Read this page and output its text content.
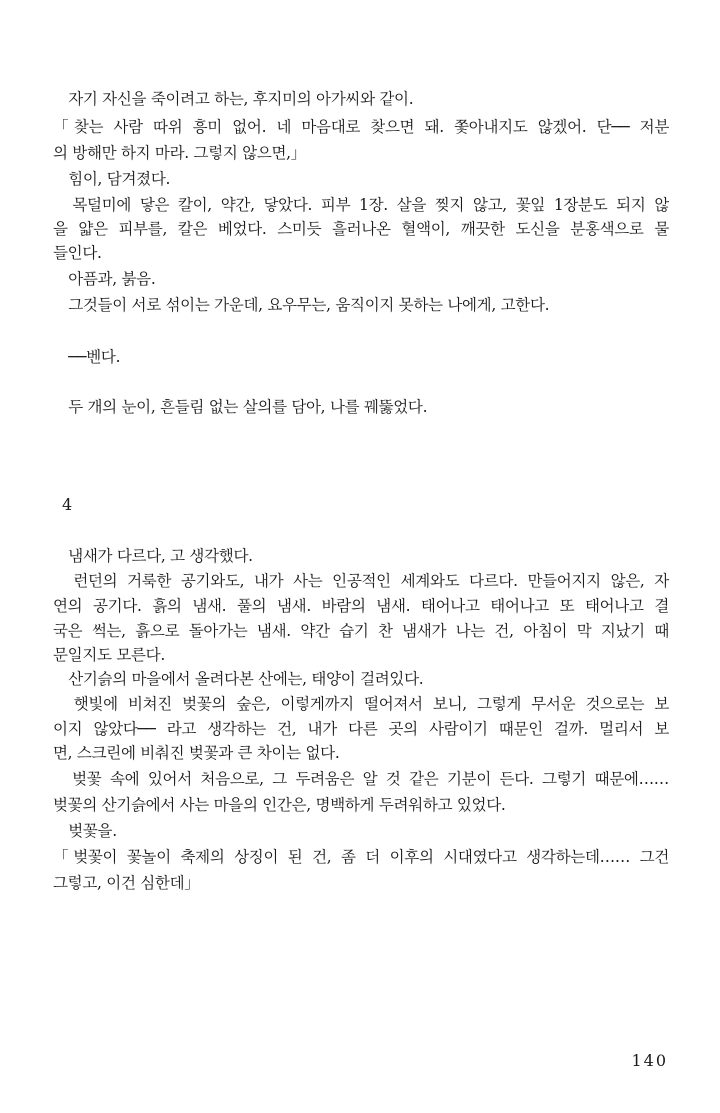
　자기 자신을 죽이려고 하는, 후지미의 아가씨와 같이.
「찾는 사람 따위 흥미 없어. 네 마음대로 찾으면 돼. 쫓아내지도 않겠어. 단── 저분
의 방해만 하지 마라. 그렇지 않으면,」
　힘이, 담겨졌다.
　목덜미에 닿은 칼이, 약간, 닿았다. 피부 1장. 살을 찢지 않고, 꽃잎 1장분도 되지 않
을 얇은 피부를, 칼은 베었다. 스미듯 흘러나온 혈액이, 깨끗한 도신을 분홍색으로 물
들인다.
　아픔과, 붉음.
　그것들이 서로 섞이는 가운데, 요우무는, 움직이지 못하는 나에게, 고한다.
　──벤다.
　두 개의 눈이, 흔들림 없는 살의를 담아, 나를 꿰뚫었다.
4
　냄새가 다르다, 고 생각했다.
　런던의 거룩한 공기와도, 내가 사는 인공적인 세계와도 다르다. 만들어지지 않은, 자
연의 공기다. 흙의 냄새. 풀의 냄새. 바람의 냄새. 태어나고 태어나고 또 태어나고 결
국은 썩는, 흙으로 돌아가는 냄새. 약간 습기 찬 냄새가 나는 건, 아침이 막 지났기 때
문일지도 모른다.
　산기슭의 마을에서 올려다본 산에는, 태양이 걸려있다.
　햇빛에 비쳐진 벚꽃의 숲은, 이렇게까지 떨어져서 보니, 그렇게 무서운 것으로는 보
이지 않았다── 라고 생각하는 건, 내가 다른 곳의 사람이기 때문인 걸까. 멀리서 보
면, 스크린에 비춰진 벚꽃과 큰 차이는 없다.
　벚꽃 속에 있어서 처음으로, 그 두려움은 알 것 같은 기분이 든다. 그렇기 때문에……
벚꽃의 산기슭에서 사는 마을의 인간은, 명백하게 두려워하고 있었다.
　벚꽃을.
「벚꽃이 꽃놀이 축제의 상징이 된 건, 좀 더 이후의 시대였다고 생각하는데…… 그건
그렇고, 이건 심한데」
140
